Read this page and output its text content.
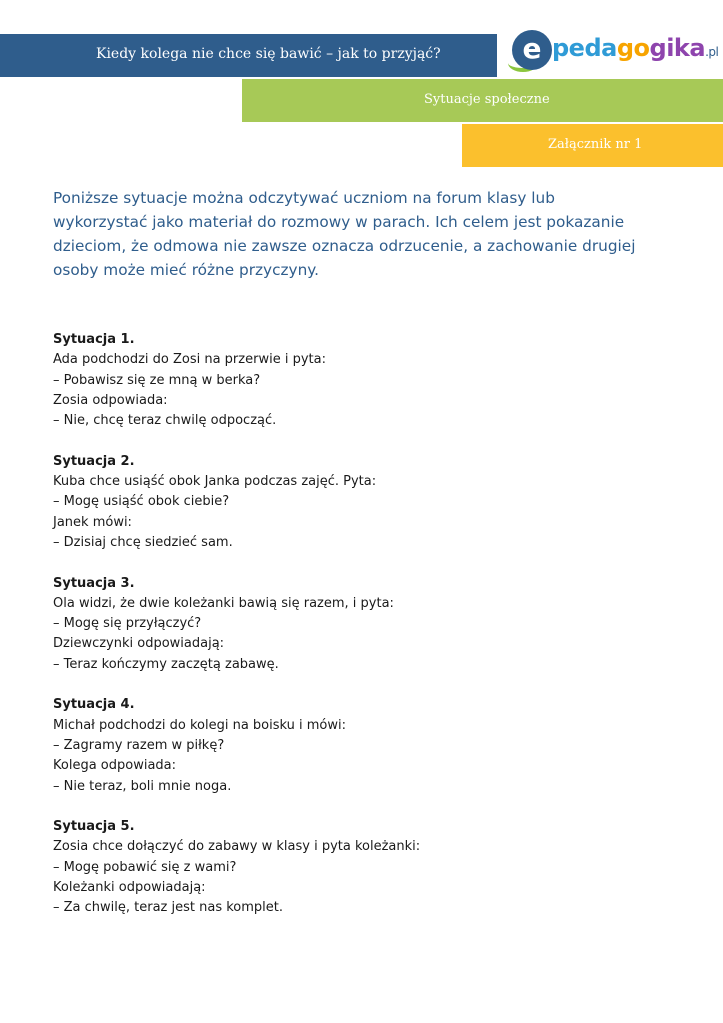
Kiedy kolega nie chce się bawić – jak to przyjąć?	e pedagogika.pl
Sytuacje społeczne
Załącznik nr 1

Poniższe sytuacje można odczytywać uczniom na forum klasy lub

wykorzystać jako materiał do rozmowy w parach. Ich celem jest pokazanie

dzieciom, że odmowa nie zawsze oznacza odrzucenie, a zachowanie drugiej

osoby może mieć różne przyczyny.

Sytuacja 1.
Ada podchodzi do Zosi na przerwie i pyta:
– Pobawisz się ze mną w berka?
Zosia odpowiada:
– Nie, chcę teraz chwilę odpocząć.
Sytuacja 2.
Kuba chce usiąść obok Janka podczas zajęć. Pyta:
– Mogę usiąść obok ciebie?
Janek mówi:
– Dzisiaj chcę siedzieć sam.
Sytuacja 3.
Ola widzi, że dwie koleżanki bawią się razem, i pyta:
– Mogę się przyłączyć?
Dziewczynki odpowiadają:
– Teraz kończymy zaczętą zabawę.
Sytuacja 4.
Michał podchodzi do kolegi na boisku i mówi:
– Zagramy razem w piłkę?
Kolega odpowiada:
– Nie teraz, boli mnie noga.
Sytuacja 5.
Zosia chce dołączyć do zabawy w klasy i pyta koleżanki:
– Mogę pobawić się z wami?
Koleżanki odpowiadają:
– Za chwilę, teraz jest nas komplet.
